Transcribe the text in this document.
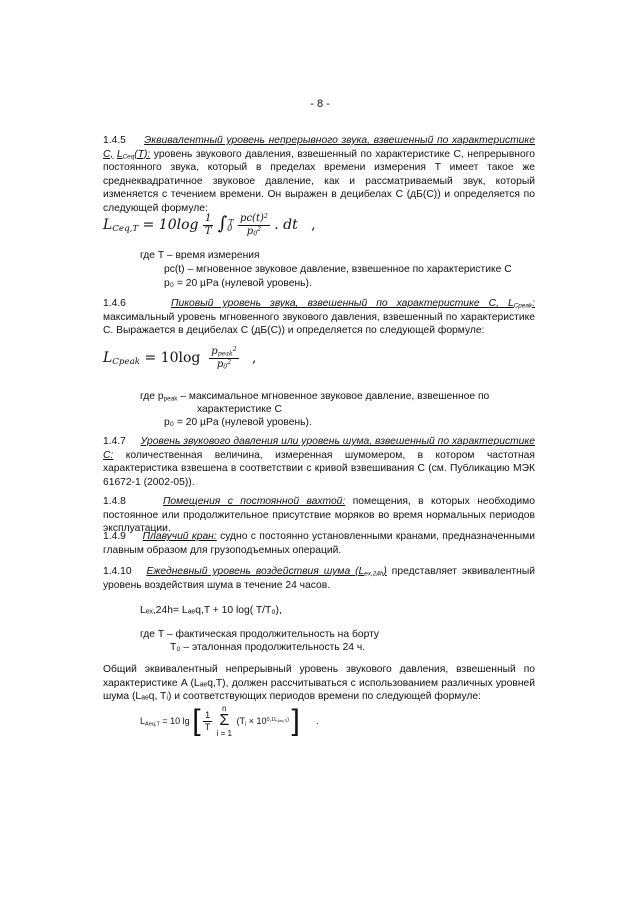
- 8 -
1.4.5 Эквивалентный уровень непрерывного звука, взвешенный по характеристике C, $L_{Ceq}(T)$: уровень звукового давления, взвешенный по характеристике C, непрерывного постоянного звука, который в пределах времени измерения T имеет такое же среднеквадратичное звуковое давление, как и рассматриваемый звук, который изменяется с течением времени. Он выражен в децибелах C (дБ(C)) и определяется по следующей формуле:
$L_{Ceq,T} = 10\log \frac{1}{T} \int_0^T \frac{pc(t)^2}{p_0^2}$ . dt   ,
где T – время измерения
pс(t) – мгновенное звуковое давление, взвешенное по характеристике C
p₀ = 20 µPa (нулевой уровень).
1.4.6	Пиковый уровень звука, взвешенный по характеристике C, $L_{Cpeak}$: максимальный уровень мгновенного звукового давления, взвешенный по характеристике C. Выражается в децибелах C (дБ(C)) и определяется по следующей формуле:
$L_{Cpeak} = 10\log \frac{p_{peak}^2}{p_0^2}$ ,
где $p_{peak}$ – максимальное мгновенное звуковое давление, взвешенное по
характеристике C
p₀ = 20 µPa (нулевой уровень).
1.4.7 Уровень звукового давления или уровень шума, взвешенный по характеристике C: количественная величина, измеренная шумомером, в котором частотная характеристика взвешена в соответствии с кривой взвешивания C (см. Публикацию МЭК 61672-1 (2002-05)).
1.4.8	Помещения с постоянной вахтой: помещения, в которых необходимо постоянное или продолжительное присутствие моряков во время нормальных периодов эксплуатации.
1.4.9 Плавучий кран: судно с постоянно установленными кранами, предназначенными главным образом для грузоподъемных операций.
1.4.10 Ежедневный уровень воздействия шума $(L_{ex,24h})$ представляет эквивалентный уровень воздействия шума в течение 24 часов.
Lₑₓ,24h= Lₐₑq,T + 10 log( T/T₀),
где T – фактическая продолжительность на борту
T₀ – эталонная продолжительность 24 ч.
Общий эквивалентный непрерывный уровень звукового давления, взвешенный по характеристике A (Lₐₑq,T), должен рассчитываться с использованием различных уровней шума (Lₐₑq, Tᵢ) и соответствующих периодов времени по следующей формуле:
$L_{Aeq,T} = 10$ lg [ $\frac{1}{T}$

n
Σ
i = 1
($T_i \times 10^{0,1L_{Aeq,Ti})}$ ] .
